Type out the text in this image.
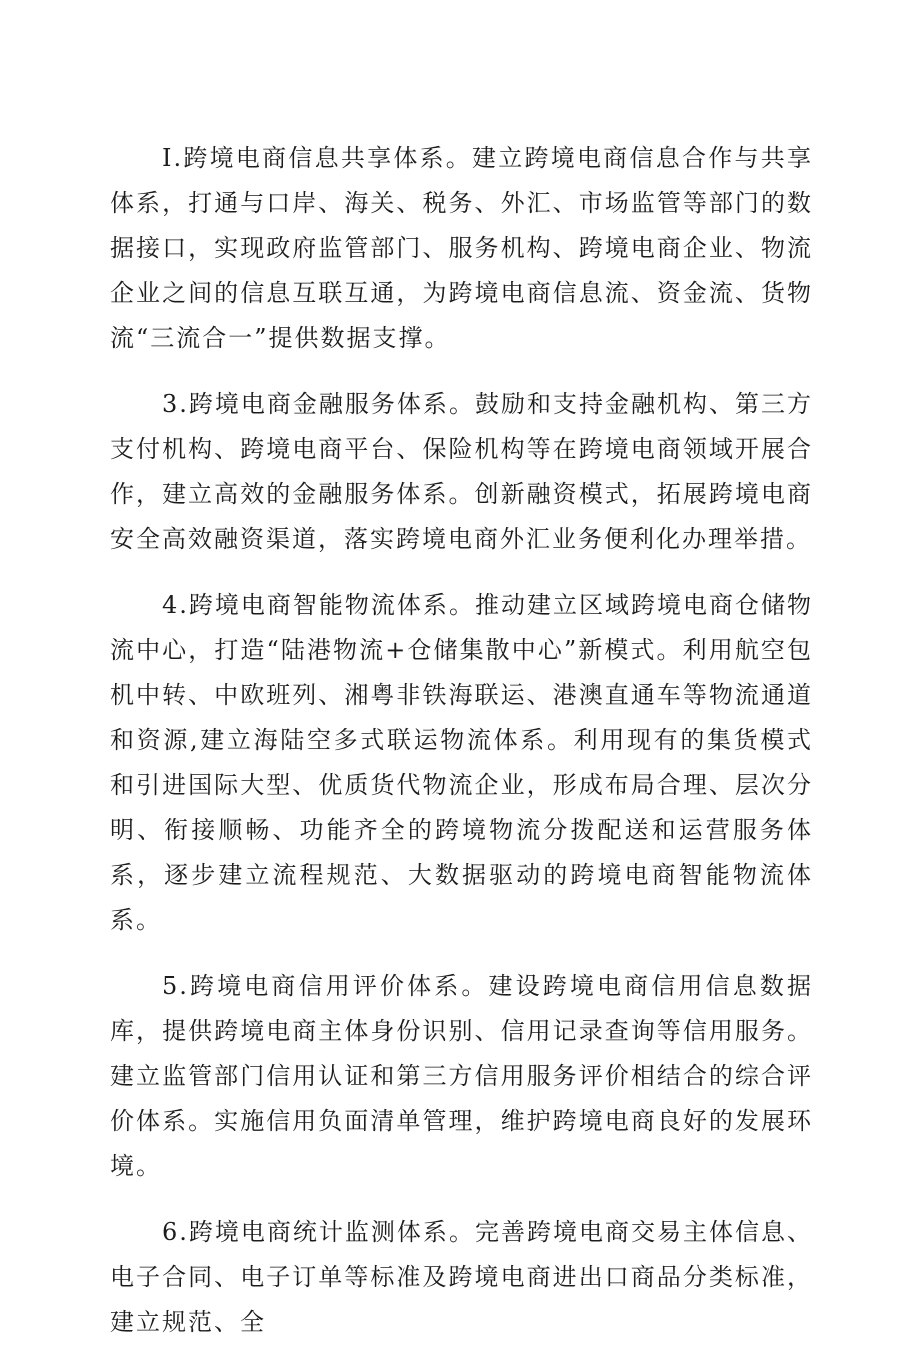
I.跨境电商信息共享体系。建立跨境电商信息合作与共享体系，打通与口岸、海关、税务、外汇、市场监管等部门的数据接口，实现政府监管部门、服务机构、跨境电商企业、物流企业之间的信息互联互通，为跨境电商信息流、资金流、货物流“三流合一”提供数据支撑。

3.跨境电商金融服务体系。鼓励和支持金融机构、第三方支付机构、跨境电商平台、保险机构等在跨境电商领域开展合作，建立高效的金融服务体系。创新融资模式，拓展跨境电商安全高效融资渠道，落实跨境电商外汇业务便利化办理举措。

4.跨境电商智能物流体系。推动建立区域跨境电商仓储物流中心，打造“陆港物流+仓储集散中心”新模式。利用航空包机中转、中欧班列、湘粤非铁海联运、港澳直通车等物流通道和资源,建立海陆空多式联运物流体系。利用现有的集货模式和引进国际大型、优质货代物流企业，形成布局合理、层次分明、衔接顺畅、功能齐全的跨境物流分拨配送和运营服务体系，逐步建立流程规范、大数据驱动的跨境电商智能物流体系。

5.跨境电商信用评价体系。建设跨境电商信用信息数据库，提供跨境电商主体身份识别、信用记录查询等信用服务。建立监管部门信用认证和第三方信用服务评价相结合的综合评价体系。实施信用负面清单管理，维护跨境电商良好的发展环境。

6.跨境电商统计监测体系。完善跨境电商交易主体信息、电子合同、电子订单等标准及跨境电商进出口商品分类标准，建立规范、全
